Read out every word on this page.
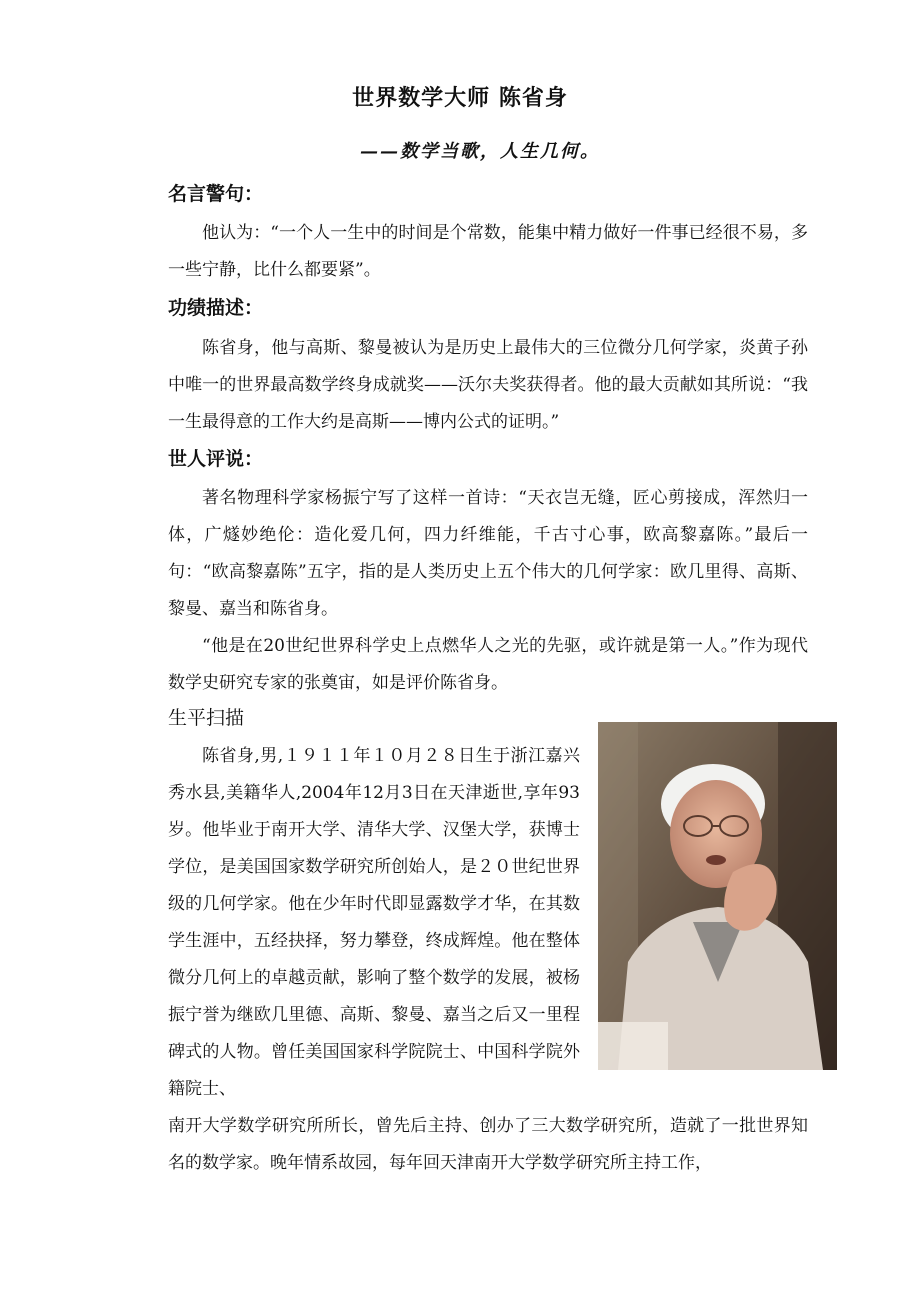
世界数学大师 陈省身
——数学当歌，人生几何。
名言警句：
他认为：“一个人一生中的时间是个常数，能集中精力做好一件事已经很不易，多一些宁静，比什么都要紧”。
功绩描述：
陈省身，他与高斯、黎曼被认为是历史上最伟大的三位微分几何学家，炎黄子孙中唯一的世界最高数学终身成就奖——沃尔夫奖获得者。他的最大贡献如其所说：“我一生最得意的工作大约是高斯——博内公式的证明。”
世人评说：
著名物理科学家杨振宁写了这样一首诗：“天衣岂无缝，匠心剪接成，浑然归一体，广燧妙绝伦：造化爱几何，四力纤维能，千古寸心事，欧高黎嘉陈。”最后一句：“欧高黎嘉陈”五字，指的是人类历史上五个伟大的几何学家：欧几里得、高斯、黎曼、嘉当和陈省身。
“他是在20世纪世界科学史上点燃华人之光的先驱，或许就是第一人。”作为现代数学史研究专家的张奠宙，如是评价陈省身。
生平扫描
陈省身,男,１９１１年１０月２８日生于浙江嘉兴秀水县,美籍华人,2004年12月3日在天津逝世,享年93岁。他毕业于南开大学、清华大学、汉堡大学，获博士学位，是美国国家数学研究所创始人，是２０世纪世界级的几何学家。他在少年时代即显露数学才华，在其数学生涯中，五经抉择，努力攀登，终成辉煌。他在整体微分几何上的卓越贡献，影响了整个数学的发展，被杨振宁誉为继欧几里德、高斯、黎曼、嘉当之后又一里程碑式的人物。曾任美国国家科学院院士、中国科学院外籍院士、
南开大学数学研究所所长，曾先后主持、创办了三大数学研究所，造就了一批世界知名的数学家。晚年情系故园，每年回天津南开大学数学研究所主持工作，
